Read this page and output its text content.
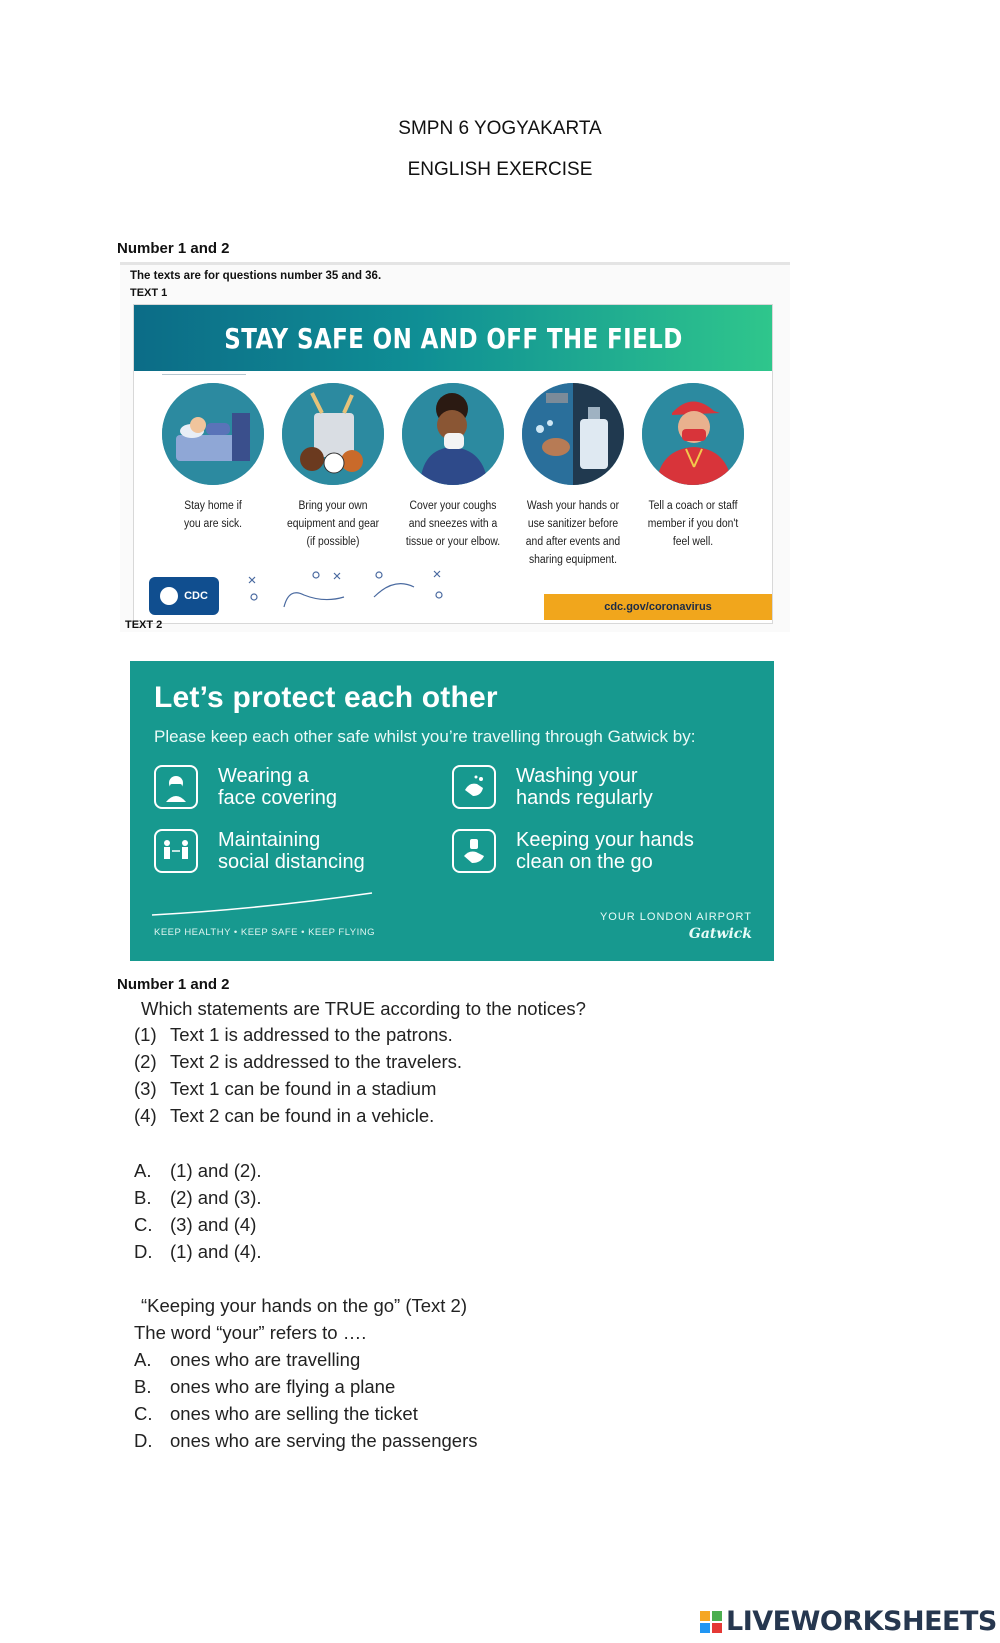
SMPN 6 YOGYAKARTA
ENGLISH EXERCISE
Number 1 and 2
The texts are for questions number 35 and 36.
TEXT 1
STAY SAFE ON AND OFF THE FIELD
Stay home if
you are sick.
Bring your own
equipment and gear
(if possible)
Cover your coughs
and sneezes with a
tissue or your elbow.
Wash your hands or
use sanitizer before
and after events and
sharing equipment.
Tell a coach or staff
member if you don't
feel well.
CDC
cdc.gov/coronavirus
TEXT 2
Let’s protect each other
Please keep each other safe whilst you’re travelling through Gatwick by:
Wearing a
face covering
Washing your
hands regularly
Maintaining
social distancing
Keeping your hands
clean on the go
KEEP HEALTHY • KEEP SAFE • KEEP FLYING
YOUR LONDON AIRPORT
Gatwick
Number 1 and 2
Which statements are TRUE according to the notices?
(1) Text 1 is addressed to the patrons.
(2) Text 2 is addressed to the travelers.
(3) Text 1 can be found in a stadium
(4) Text 2 can be found in a vehicle.
A. (1) and (2).
B. (2) and (3).
C. (3) and (4)
D. (1) and (4).
“Keeping your hands on the go” (Text 2)
The word “your” refers to ….
A. ones who are travelling
B. ones who are flying a plane
C. ones who are selling the ticket
D. ones who are serving the passengers
LIVEWORKSHEETS
